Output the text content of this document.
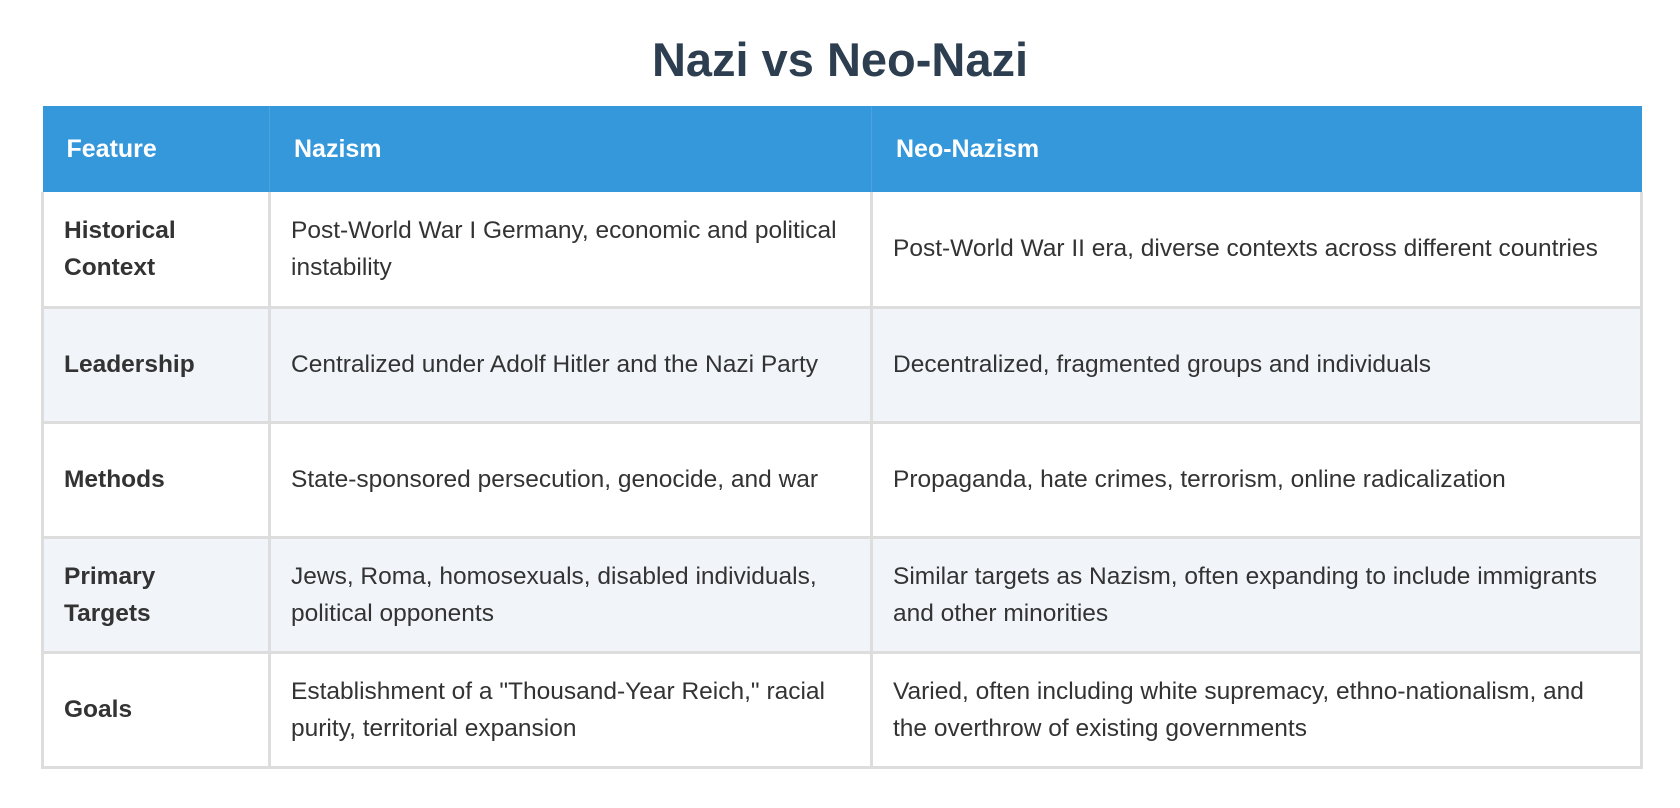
Nazi vs Neo-Nazi
Feature	Nazism	Neo-Nazism
Historical Context	Post-World War I Germany, economic and political instability	Post-World War II era, diverse contexts across different countries
Leadership	Centralized under Adolf Hitler and the Nazi Party	Decentralized, fragmented groups and individuals
Methods	State-sponsored persecution, genocide, and war	Propaganda, hate crimes, terrorism, online radicalization
Primary Targets	Jews, Roma, homosexuals, disabled individuals, political opponents	Similar targets as Nazism, often expanding to include immigrants and other minorities
Goals	Establishment of a "Thousand-Year Reich," racial purity, territorial expansion	Varied, often including white supremacy, ethno-nationalism, and the overthrow of existing governments
